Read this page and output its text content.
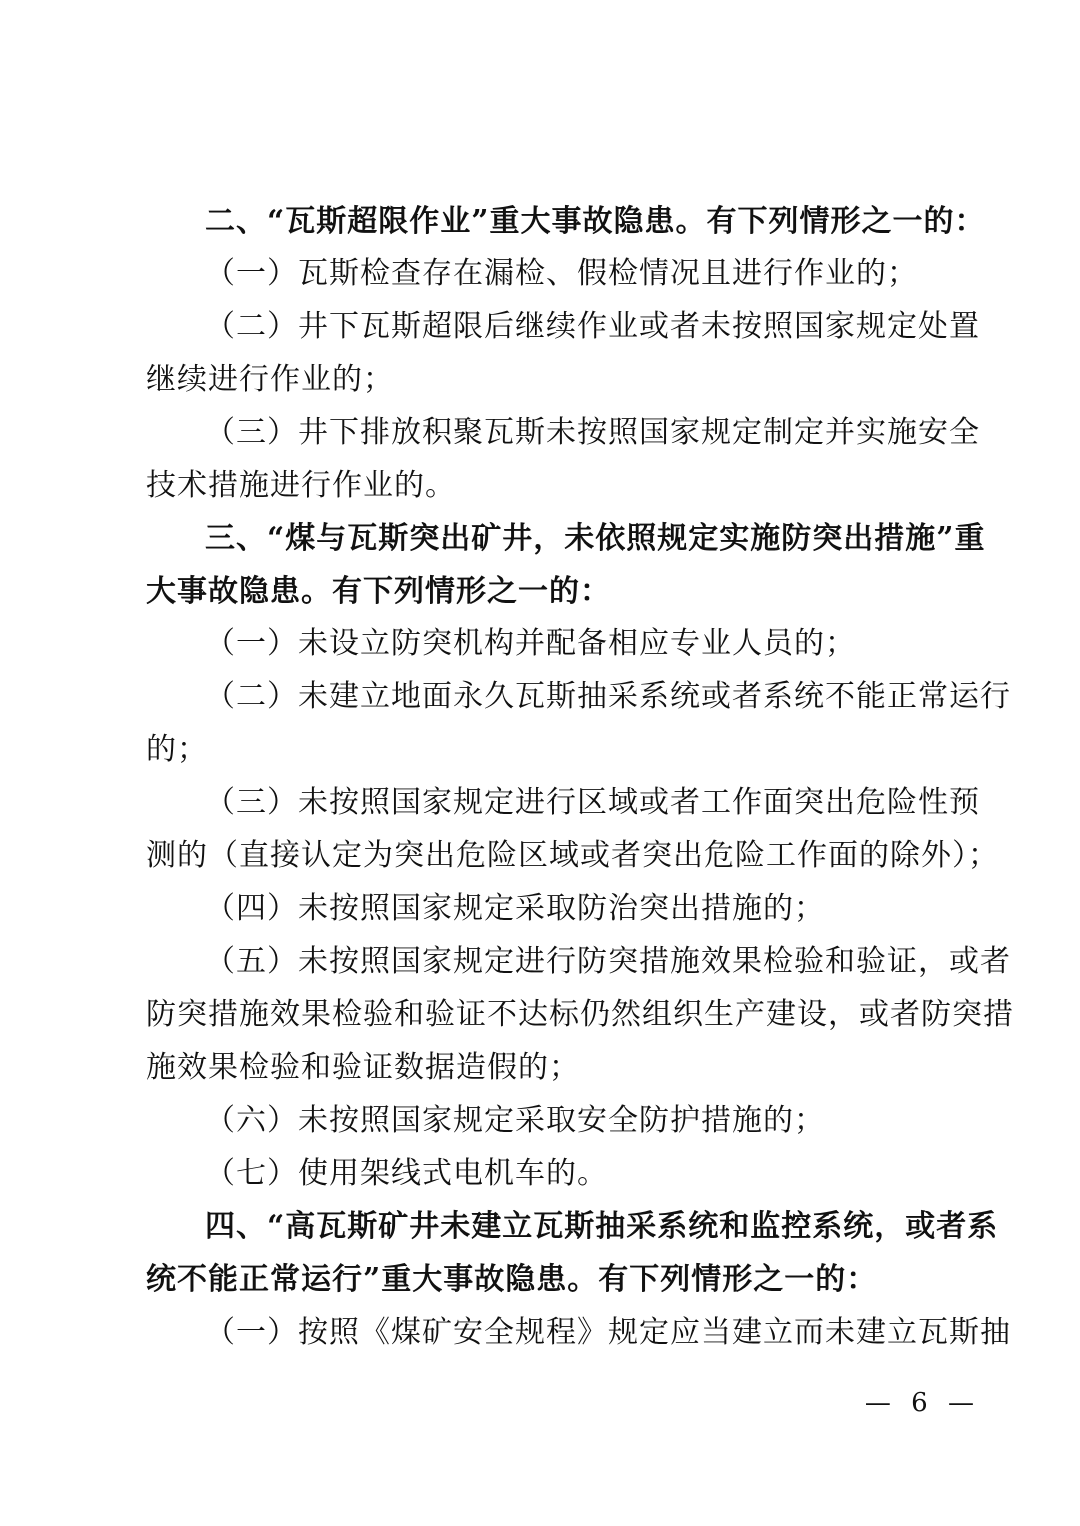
二、“瓦斯超限作业”重大事故隐患。有下列情形之一的：
（一）瓦斯检查存在漏检、假检情况且进行作业的；
（二）井下瓦斯超限后继续作业或者未按照国家规定处置
继续进行作业的；
（三）井下排放积聚瓦斯未按照国家规定制定并实施安全
技术措施进行作业的。
三、“煤与瓦斯突出矿井，未依照规定实施防突出措施”重
大事故隐患。有下列情形之一的：
（一）未设立防突机构并配备相应专业人员的；
（二）未建立地面永久瓦斯抽采系统或者系统不能正常运行
的；
（三）未按照国家规定进行区域或者工作面突出危险性预
测的（直接认定为突出危险区域或者突出危险工作面的除外）；
（四）未按照国家规定采取防治突出措施的；
（五）未按照国家规定进行防突措施效果检验和验证，或者
防突措施效果检验和验证不达标仍然组织生产建设，或者防突措
施效果检验和验证数据造假的；
（六）未按照国家规定采取安全防护措施的；
（七）使用架线式电机车的。
四、“高瓦斯矿井未建立瓦斯抽采系统和监控系统，或者系
统不能正常运行”重大事故隐患。有下列情形之一的：
（一）按照《煤矿安全规程》规定应当建立而未建立瓦斯抽
— 6 —
